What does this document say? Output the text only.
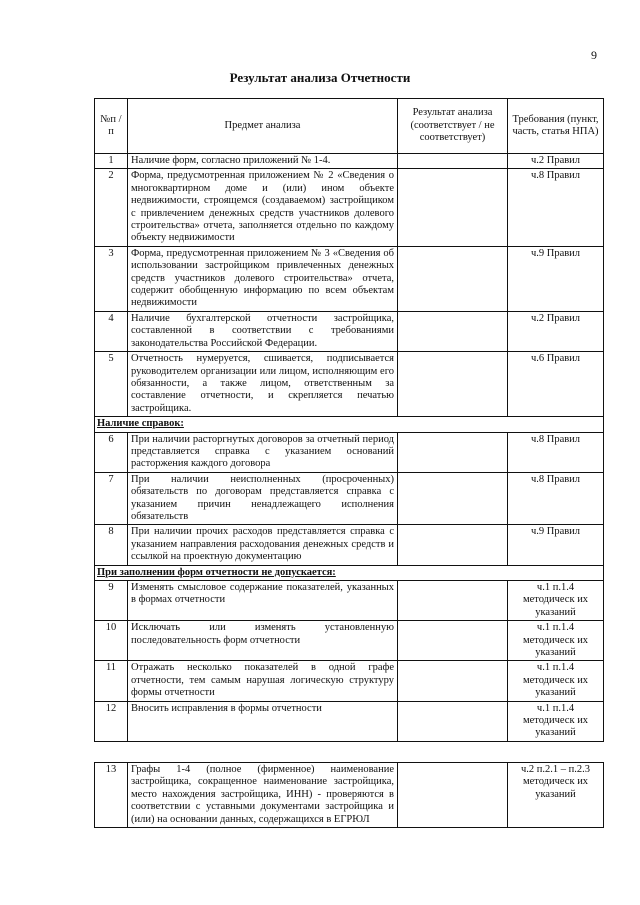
9
Результат анализа Отчетности
№п /п	Предмет анализа	Результат анализа (соответствует / не соответствует)	Требования (пункт, часть, статья НПА)
1	Наличие форм, согласно приложений № 1-4.		ч.2 Правил
2	Форма, предусмотренная приложением № 2 «Сведения о многоквартирном доме и (или) ином объекте недвижимости, строящемся (создаваемом) застройщиком с привлечением денежных средств участников долевого строительства» отчета, заполняется отдельно по каждому объекту недвижимости		ч.8 Правил
3	Форма, предусмотренная приложением № 3 «Сведения об использовании застройщиком привлеченных денежных средств участников долевого строительства» отчета, содержит обобщенную информацию по всем объектам недвижимости		ч.9 Правил
4	Наличие бухгалтерской отчетности застройщика, составленной в соответствии с требованиями законодательства Российской Федерации.		ч.2 Правил
5	Отчетность нумеруется, сшивается, подписывается руководителем организации или лицом, исполняющим его обязанности, а также лицом, ответственным за составление отчетности, и скрепляется печатью застройщика.		ч.6 Правил
Наличие справок:			
6	При наличии расторгнутых договоров за отчетный период представляется справка с указанием оснований расторжения каждого договора		ч.8 Правил
7	При наличии неисполненных (просроченных) обязательств по договорам представляется справка с указанием причин ненадлежащего исполнения обязательств		ч.8 Правил
8	При наличии прочих расходов представляется справка с указанием направления расходования денежных средств и ссылкой на проектную документацию		ч.9 Правил
При заполнении форм отчетности не допускается:			
9	Изменять смысловое содержание показателей, указанных в формах отчетности		ч.1 п.1.4 методическ их указаний
10	Исключать или изменять установленную последовательность форм отчетности		ч.1 п.1.4 методическ их указаний
11	Отражать несколько показателей в одной графе отчетности, тем самым нарушая логическую структуру формы отчетности		ч.1 п.1.4 методическ их указаний
12	Вносить исправления в формы отчетности		ч.1 п.1.4 методическ их указаний

13	Графы 1-4 (полное (фирменное) наименование застройщика, сокращенное наименование застройщика, место нахождения застройщика, ИНН) - проверяются в соответствии с уставными документами застройщика и (или) на основании данных, содержащихся в ЕГРЮЛ		ч.2 п.2.1 – п.2.3 методическ их указаний
